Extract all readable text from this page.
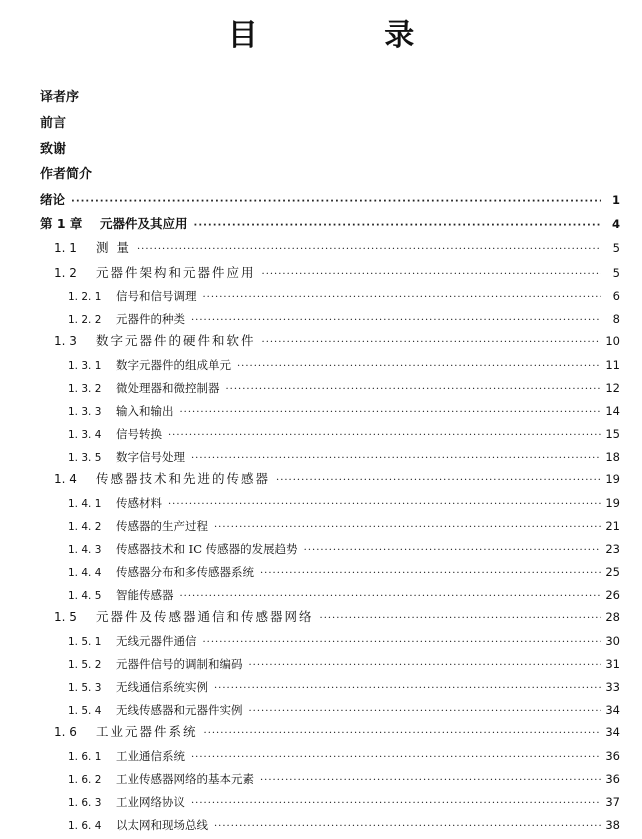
目 录
译者序
前言
致谢
作者简介
绪论 ·····	1
第 1 章	元器件及其应用 ·····	4
1. 1	测 量 ·····	5
1. 2	元器件架构和元器件应用 ·····	5
1. 2. 1	信号和信号调理 ·····	6
1. 2. 2	元器件的种类 ·····	8
1. 3	数字元器件的硬件和软件 ·····	10
1. 3. 1	数字元器件的组成单元 ·····	11
1. 3. 2	微处理器和微控制器 ·····	12
1. 3. 3	输入和输出 ·····	14
1. 3. 4	信号转换 ·····	15
1. 3. 5	数字信号处理 ·····	18
1. 4	传感器技术和先进的传感器 ·····	19
1. 4. 1	传感材料 ·····	19
1. 4. 2	传感器的生产过程 ·····	21
1. 4. 3	传感器技术和 IC 传感器的发展趋势 ·····	23
1. 4. 4	传感器分布和多传感器系统 ·····	25
1. 4. 5	智能传感器 ·····	26
1. 5	元器件及传感器通信和传感器网络 ·····	28
1. 5. 1	无线元器件通信 ·····	30
1. 5. 2	元器件信号的调制和编码 ·····	31
1. 5. 3	无线通信系统实例 ·····	33
1. 5. 4	无线传感器和元器件实例 ·····	34
1. 6	工业元器件系统 ·····	34
1. 6. 1	工业通信系统 ·····	36
1. 6. 2	工业传感器网络的基本元素 ·····	36
1. 6. 3	工业网络协议 ·····	37
1. 6. 4	以太网和现场总线 ·····	38
